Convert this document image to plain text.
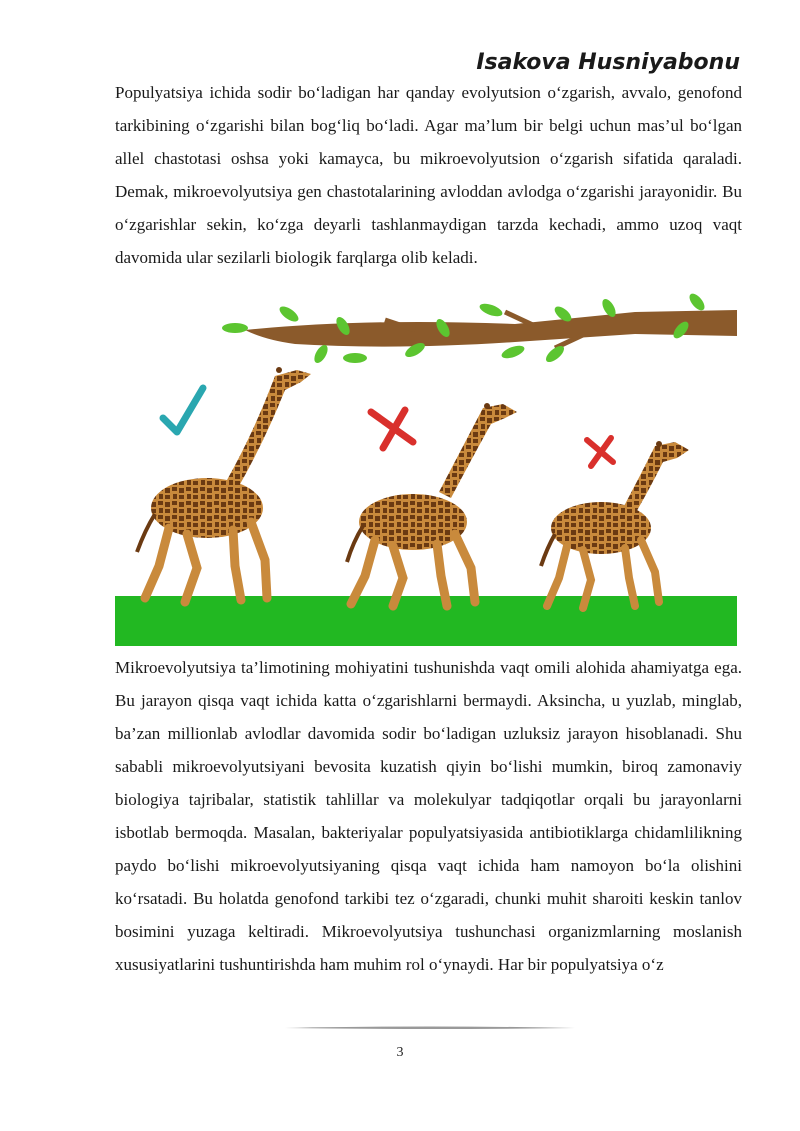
Isakova Husniyabonu

Populyatsiya ichida sodir bo‘ladigan har qanday evolyutsion o‘zgarish, avvalo, genofond tarkibining o‘zgarishi bilan bog‘liq bo‘ladi. Agar ma’lum bir belgi uchun mas’ul bo‘lgan allel chastotasi oshsa yoki kamaycа, bu mikroevolyutsion o‘zgarish sifatida qaraladi. Demak, mikroevolyutsiya gen chastotalarining avloddan avlodga o‘zgarishi jarayonidir. Bu o‘zgarishlar sekin, ko‘zga deyarli tashlanmaydigan tarzda kechadi, ammo uzoq vaqt davomida ular sezilarli biologik farqlarga olib keladi.

Mikroevolyutsiya ta’limotining mohiyatini tushunishda vaqt omili alohida ahamiyatga ega. Bu jarayon qisqa vaqt ichida katta o‘zgarishlarni bermaydi. Aksincha, u yuzlab, minglab, ba’zan millionlab avlodlar davomida sodir bo‘ladigan uzluksiz jarayon hisoblanadi. Shu sababli mikroevolyutsiyani bevosita kuzatish qiyin bo‘lishi mumkin, biroq zamonaviy biologiya tajribalar, statistik tahlillar va molekulyar tadqiqotlar orqali bu jarayonlarni isbotlab bermoqda. Masalan, bakteriyalar populyatsiyasida antibiotiklarga chidamlilikning paydo bo‘lishi mikroevolyutsiyaning qisqa vaqt ichida ham namoyon bo‘la olishini ko‘rsatadi. Bu holatda genofond tarkibi tez o‘zgaradi, chunki muhit sharoiti keskin tanlov bosimini yuzaga keltiradi. Mikroevolyutsiya tushunchasi organizmlarning moslanish xususiyatlarini tushuntirishda ham muhim rol o‘ynaydi. Har bir populyatsiya o‘z

3
